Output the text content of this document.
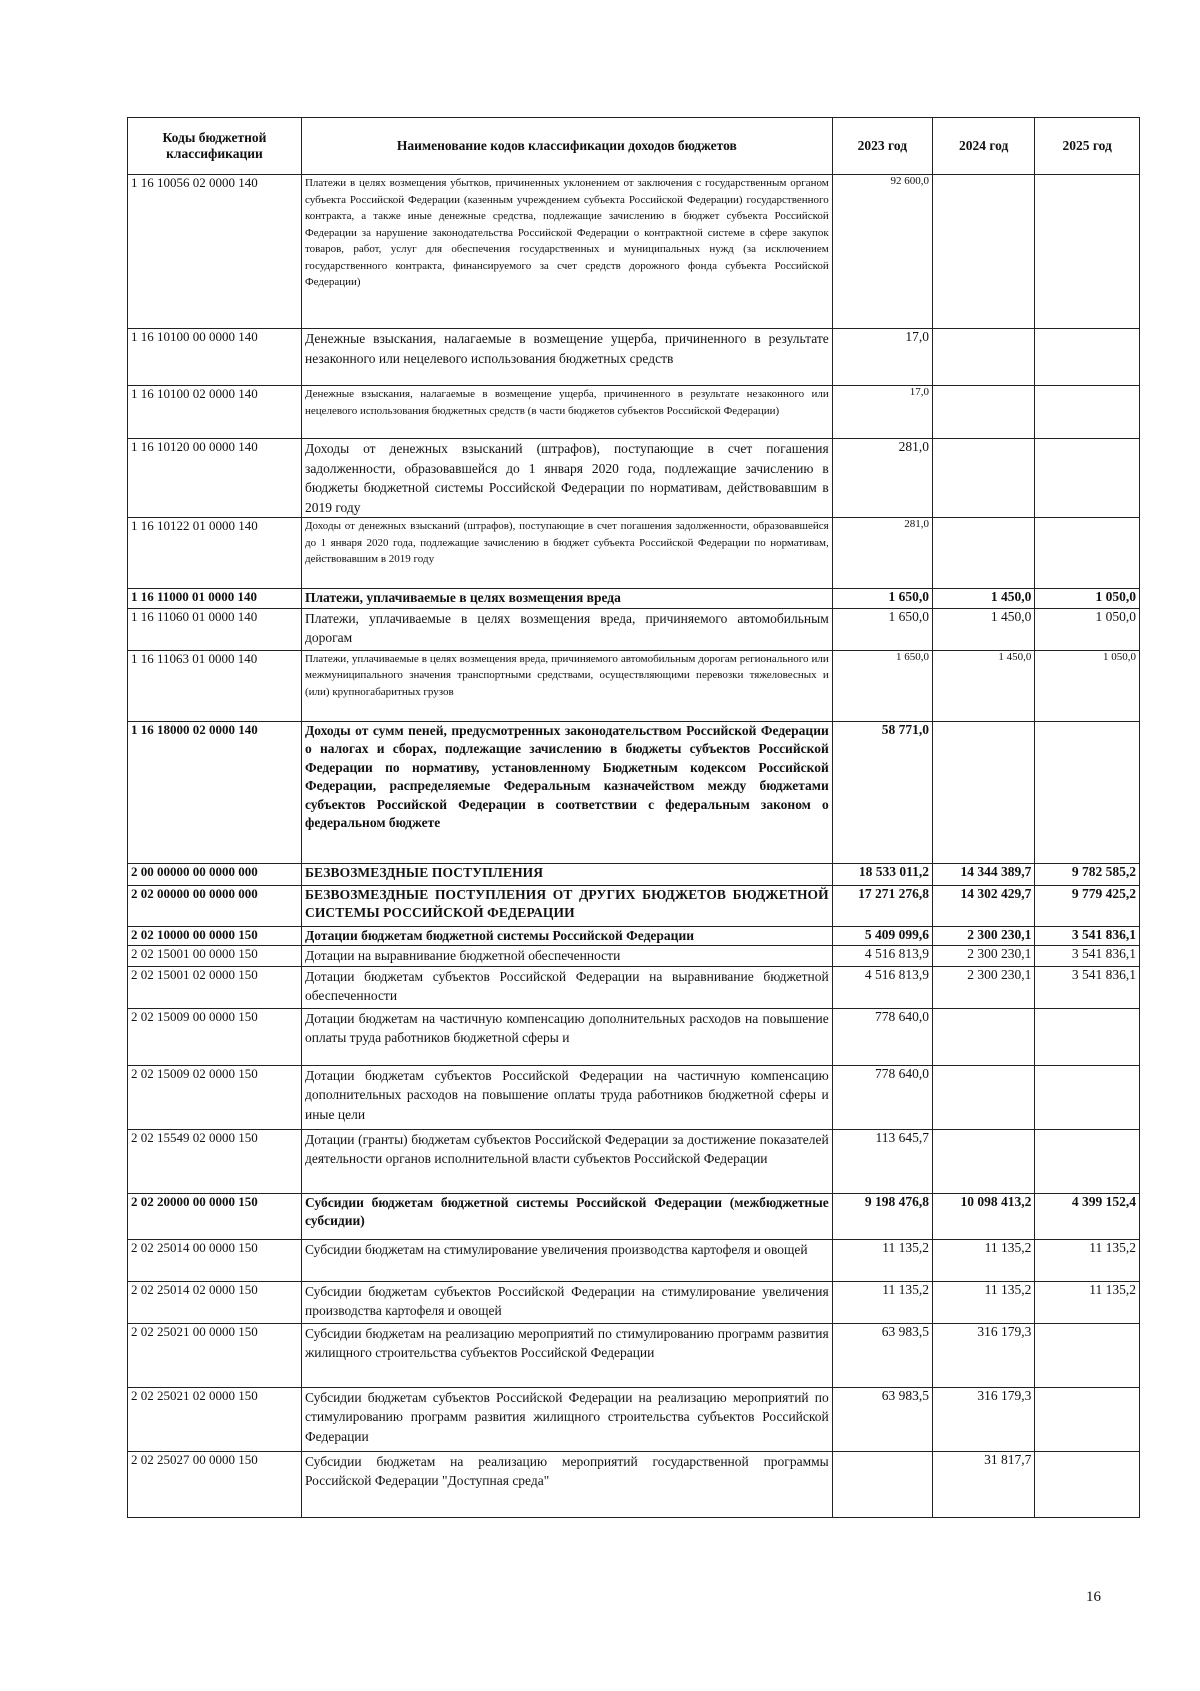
Коды бюджетной классификации	Наименование кодов классификации доходов бюджетов	2023 год	2024 год	2025 год
1 16 10056 02 0000 140	Платежи в целях возмещения убытков, причиненных уклонением от заключения с государственным органом субъекта Российской Федерации (казенным учреждением субъекта Российской Федерации) государственного контракта, а также иные денежные средства, подлежащие зачислению в бюджет субъекта Российской Федерации за нарушение законодательства Российской Федерации о контрактной системе в сфере закупок товаров, работ, услуг для обеспечения государственных и муниципальных нужд (за исключением государственного контракта, финансируемого за счет средств дорожного фонда субъекта Российской Федерации)	92 600,0		
1 16 10100 00 0000 140	Денежные взыскания, налагаемые в возмещение ущерба, причиненного в результате незаконного или нецелевого использования бюджетных средств	17,0		
1 16 10100 02 0000 140	Денежные взыскания, налагаемые в возмещение ущерба, причиненного в результате незаконного или нецелевого использования бюджетных средств (в части бюджетов субъектов Российской Федерации)	17,0		
1 16 10120 00 0000 140	Доходы от денежных взысканий (штрафов), поступающие в счет погашения задолженности, образовавшейся до 1 января 2020 года, подлежащие зачислению в бюджеты бюджетной системы Российской Федерации по нормативам, действовавшим в 2019 году	281,0		
1 16 10122 01 0000 140	Доходы от денежных взысканий (штрафов), поступающие в счет погашения задолженности, образовавшейся до 1 января 2020 года, подлежащие зачислению в бюджет субъекта Российской Федерации по нормативам, действовавшим в 2019 году	281,0		
1 16 11000 01 0000 140	Платежи, уплачиваемые в целях возмещения вреда	1 650,0	1 450,0	1 050,0
1 16 11060 01 0000 140	Платежи, уплачиваемые в целях возмещения вреда, причиняемого автомобильным дорогам	1 650,0	1 450,0	1 050,0
1 16 11063 01 0000 140	Платежи, уплачиваемые в целях возмещения вреда, причиняемого автомобильным дорогам регионального или межмуниципального значения транспортными средствами, осуществляющими перевозки тяжеловесных и (или) крупногабаритных грузов	1 650,0	1 450,0	1 050,0
1 16 18000 02 0000 140	Доходы от сумм пеней, предусмотренных законодательством Российской Федерации о налогах и сборах, подлежащие зачислению в бюджеты субъектов Российской Федерации по нормативу, установленному Бюджетным кодексом Российской Федерации, распределяемые Федеральным казначейством между бюджетами субъектов Российской Федерации в соответствии с федеральным законом о федеральном бюджете	58 771,0		
2 00 00000 00 0000 000	БЕЗВОЗМЕЗДНЫЕ ПОСТУПЛЕНИЯ	18 533 011,2	14 344 389,7	9 782 585,2
2 02 00000 00 0000 000	БЕЗВОЗМЕЗДНЫЕ ПОСТУПЛЕНИЯ ОТ ДРУГИХ БЮДЖЕТОВ БЮДЖЕТНОЙ СИСТЕМЫ РОССИЙСКОЙ ФЕДЕРАЦИИ	17 271 276,8	14 302 429,7	9 779 425,2
2 02 10000 00 0000 150	Дотации бюджетам бюджетной системы Российской Федерации	5 409 099,6	2 300 230,1	3 541 836,1
2 02 15001 00 0000 150	Дотации на выравнивание бюджетной обеспеченности	4 516 813,9	2 300 230,1	3 541 836,1
2 02 15001 02 0000 150	Дотации бюджетам субъектов Российской Федерации на выравнивание бюджетной обеспеченности	4 516 813,9	2 300 230,1	3 541 836,1
2 02 15009 00 0000 150	Дотации бюджетам на частичную компенсацию дополнительных расходов на повышение оплаты труда работников бюджетной сферы и	778 640,0		
2 02 15009 02 0000 150	Дотации бюджетам субъектов Российской Федерации на частичную компенсацию дополнительных расходов на повышение оплаты труда работников бюджетной сферы и иные цели	778 640,0		
2 02 15549 02 0000 150	Дотации (гранты) бюджетам субъектов Российской Федерации за достижение показателей деятельности органов исполнительной власти субъектов Российской Федерации	113 645,7		
2 02 20000 00 0000 150	Субсидии бюджетам бюджетной системы Российской Федерации (межбюджетные субсидии)	9 198 476,8	10 098 413,2	4 399 152,4
2 02 25014 00 0000 150	Субсидии бюджетам на стимулирование увеличения производства картофеля и овощей	11 135,2	11 135,2	11 135,2
2 02 25014 02 0000 150	Субсидии бюджетам субъектов Российской Федерации на стимулирование увеличения производства картофеля и овощей	11 135,2	11 135,2	11 135,2
2 02 25021 00 0000 150	Субсидии бюджетам на реализацию мероприятий по стимулированию программ развития жилищного строительства субъектов Российской Федерации	63 983,5	316 179,3	
2 02 25021 02 0000 150	Субсидии бюджетам субъектов Российской Федерации на реализацию мероприятий по стимулированию программ развития жилищного строительства субъектов Российской Федерации	63 983,5	316 179,3	
2 02 25027 00 0000 150	Субсидии бюджетам на реализацию мероприятий государственной программы Российской Федерации "Доступная среда"		31 817,7	
16
